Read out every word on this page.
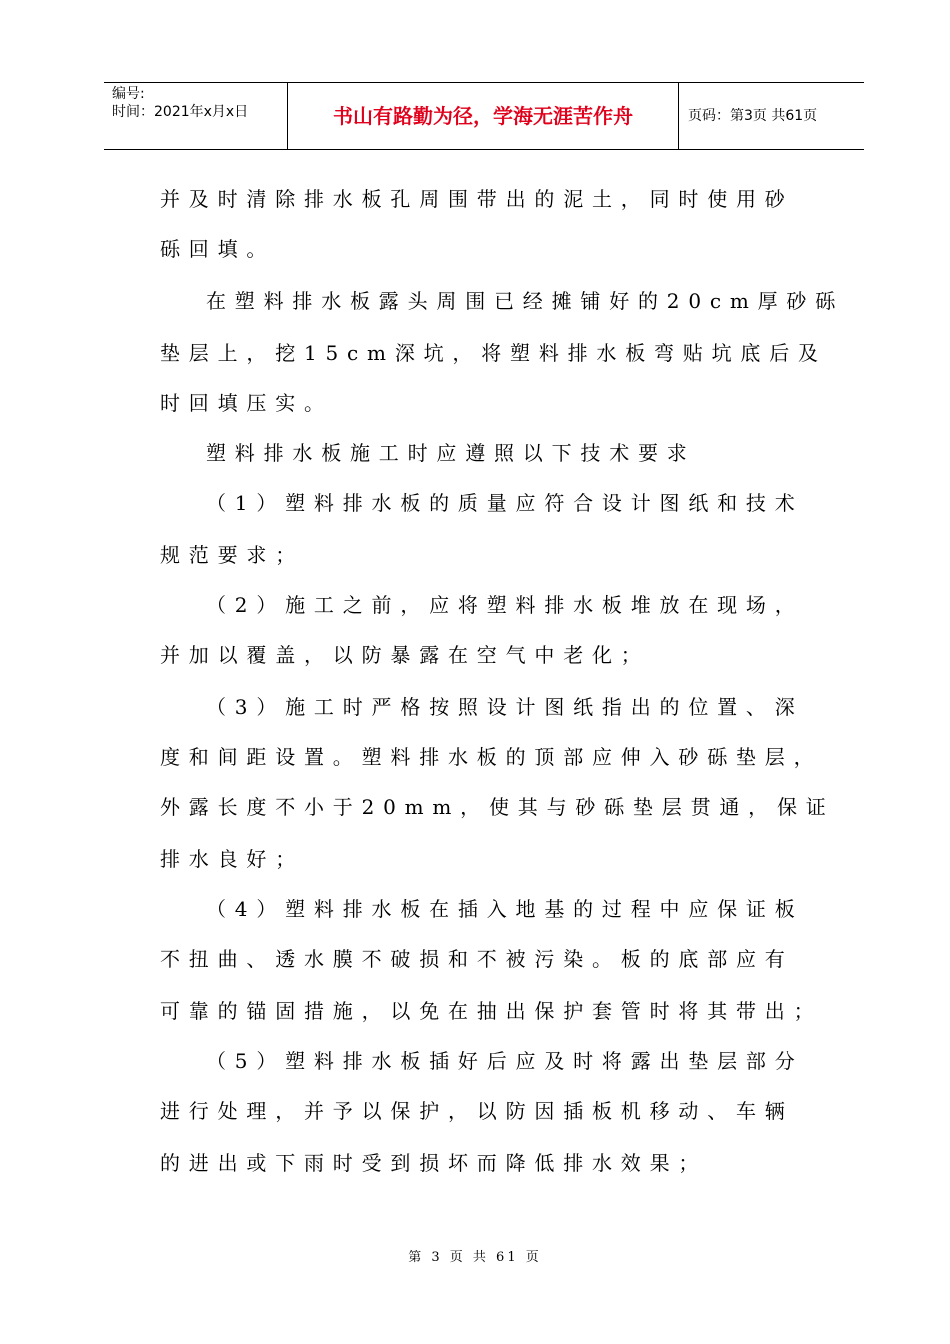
编号:
时间：2021年x月x日	书山有路勤为径，学海无涯苦作舟	页码：第3页 共61页
并及时清除排水板孔周围带出的泥土，同时使用砂
砾回填。
在塑料排水板露头周围已经摊铺好的20cm厚砂砾
垫层上，挖15cm深坑，将塑料排水板弯贴坑底后及
时回填压实。
塑料排水板施工时应遵照以下技术要求
（1）塑料排水板的质量应符合设计图纸和技术
规范要求；
（2）施工之前，应将塑料排水板堆放在现场，
并加以覆盖，以防暴露在空气中老化；
（3）施工时严格按照设计图纸指出的位置、深
度和间距设置。塑料排水板的顶部应伸入砂砾垫层，
外露长度不小于20mm，使其与砂砾垫层贯通，保证
排水良好；
（4）塑料排水板在插入地基的过程中应保证板
不扭曲、透水膜不破损和不被污染。板的底部应有
可靠的锚固措施，以免在抽出保护套管时将其带出；
（5）塑料排水板插好后应及时将露出垫层部分
进行处理，并予以保护，以防因插板机移动、车辆
的进出或下雨时受到损坏而降低排水效果；
第 3 页 共 61 页
